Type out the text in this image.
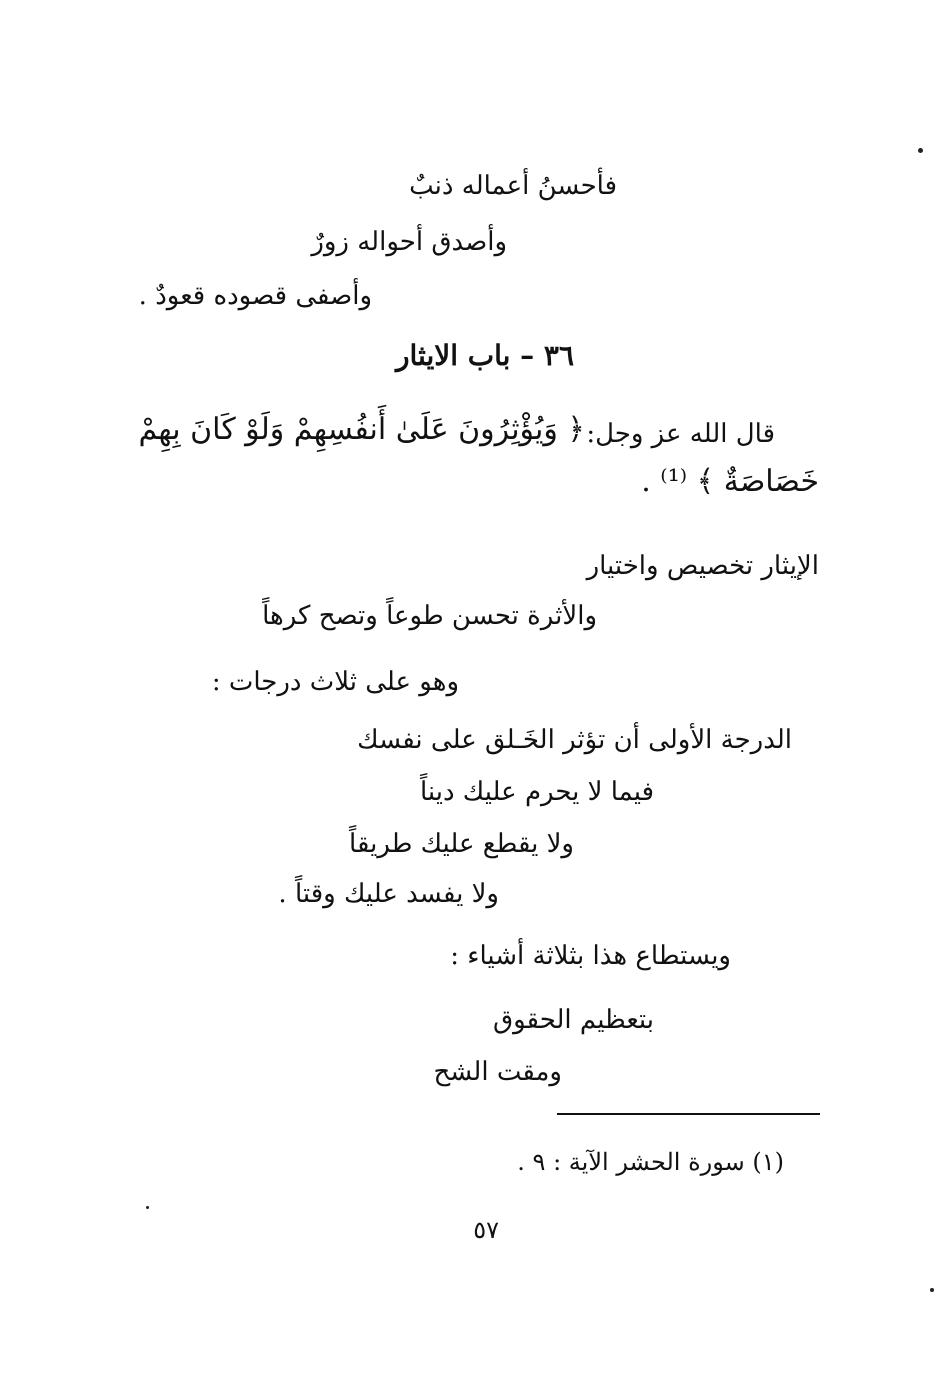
فأحسنُ أعماله ذنبٌ
وأصدق أحواله زورٌ
وأصفى قصوده قعودٌ .
٣٦ – باب الايثار
قال الله عز وجل:
﴿ وَيُؤْثِرُونَ عَلَىٰ أَنفُسِهِمْ وَلَوْ كَانَ بِهِمْ
خَصَاصَةٌ ﴾ ⁽¹⁾ .
الإيثار تخصيص واختيار
والأثرة تحسن طوعاً وتصح كرهاً
وهو على ثلاث درجات :
الدرجة الأولى أن تؤثر الخَـلق على نفسك
فيما لا يحرم عليك ديناً
ولا يقطع عليك طريقاً
ولا يفسد عليك وقتاً .
ويستطاع هذا بثلاثة أشياء :
بتعظيم الحقوق
ومقت الشح
(١) سورة الحشر الآية : ٩ .
٥٧
